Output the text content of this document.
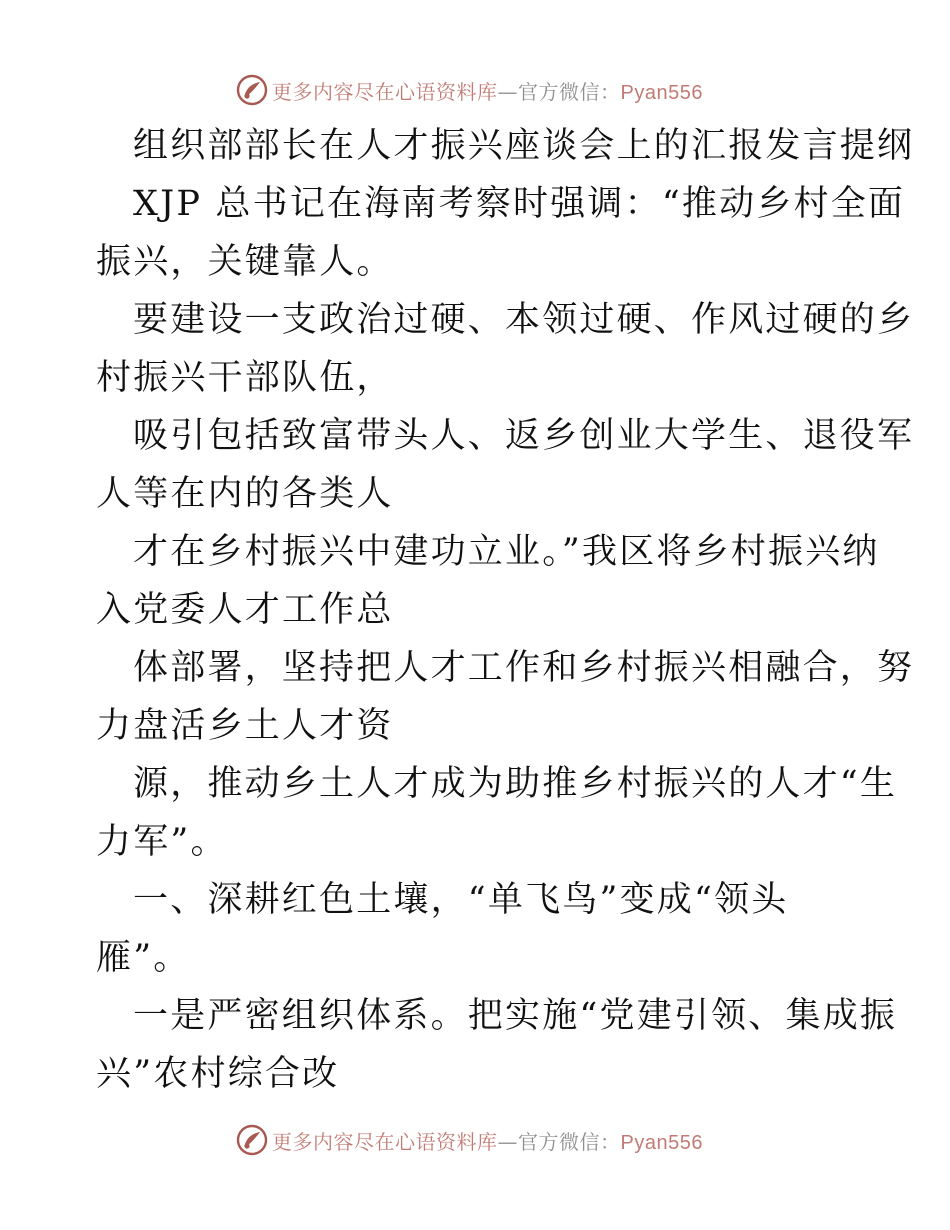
更多内容尽在心语资料库—官方微信：Pyan556
组织部部长在人才振兴座谈会上的汇报发言提纲
XJP 总书记在海南考察时强调：“推动乡村全面
振兴，关键靠人。
要建设一支政治过硬、本领过硬、作风过硬的乡
村振兴干部队伍，
吸引包括致富带头人、返乡创业大学生、退役军
人等在内的各类人
才在乡村振兴中建功立业。”我区将乡村振兴纳
入党委人才工作总
体部署，坚持把人才工作和乡村振兴相融合，努
力盘活乡土人才资
源，推动乡土人才成为助推乡村振兴的人才“生
力军”。
一、深耕红色土壤，“单飞鸟”变成“领头
雁”。
一是严密组织体系。把实施“党建引领、集成振
兴”农村综合改
更多内容尽在心语资料库—官方微信：Pyan556
